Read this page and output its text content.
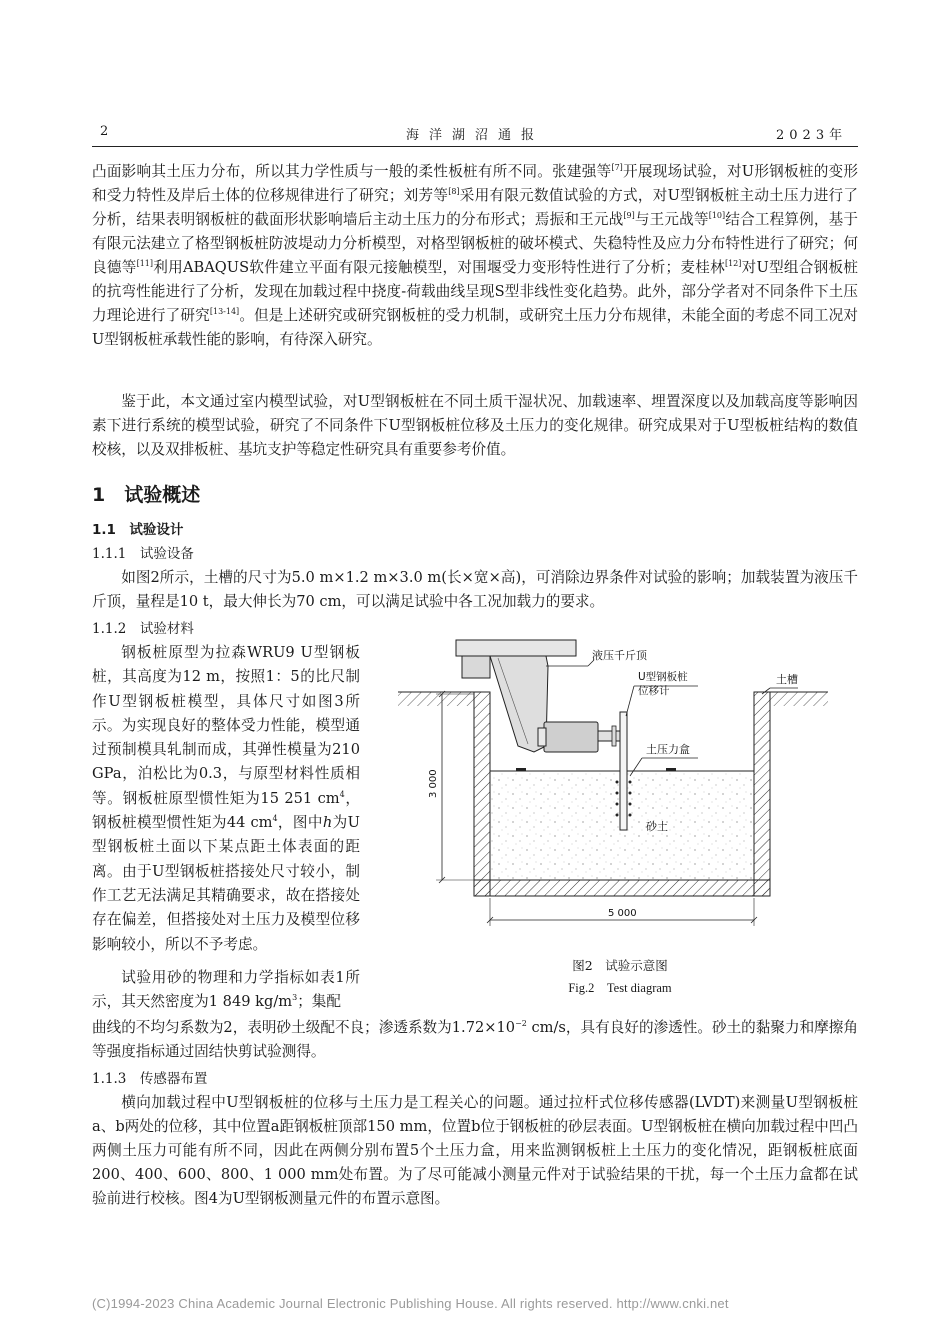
2	海洋湖沼通报	2023年
凸面影响其土压力分布，所以其力学性质与一般的柔性板桩有所不同。张建强等[7]开展现场试验，对U形钢板桩的变形和受力特性及岸后土体的位移规律进行了研究；刘芳等[8]采用有限元数值试验的方式，对U型钢板桩主动土压力进行了分析，结果表明钢板桩的截面形状影响墙后主动土压力的分布形式；焉振和王元战[9]与王元战等[10]结合工程算例，基于有限元法建立了格型钢板桩防波堤动力分析模型，对格型钢板桩的破坏模式、失稳特性及应力分布特性进行了研究；何良德等[11]利用ABAQUS软件建立平面有限元接触模型，对围堰受力变形特性进行了分析；麦桂林[12]对U型组合钢板桩的抗弯性能进行了分析，发现在加载过程中挠度-荷载曲线呈现S型非线性变化趋势。此外，部分学者对不同条件下土压力理论进行了研究[13-14]。但是上述研究或研究钢板桩的受力机制，或研究土压力分布规律，未能全面的考虑不同工况对U型钢板桩承载性能的影响，有待深入研究。
鉴于此，本文通过室内模型试验，对U型钢板桩在不同土质干湿状况、加载速率、埋置深度以及加载高度等影响因素下进行系统的模型试验，研究了不同条件下U型钢板桩位移及土压力的变化规律。研究成果对于U型板桩结构的数值校核，以及双排板桩、基坑支护等稳定性研究具有重要参考价值。
1　试验概述
1.1　试验设计
1.1.1　试验设备
如图2所示，土槽的尺寸为5.0 m×1.2 m×3.0 m(长×宽×高)，可消除边界条件对试验的影响；加载装置为液压千斤顶，量程是10 t，最大伸长为70 cm，可以满足试验中各工况加载力的要求。
1.1.2　试验材料
钢板桩原型为拉森WRU9 U型钢板桩，其高度为12 m，按照1：5的比尺制作U型钢板桩模型，具体尺寸如图3所示。为实现良好的整体受力性能，模型通过预制模具轧制而成，其弹性模量为210 GPa，泊松比为0.3，与原型材料性质相等。钢板桩原型惯性矩为15 251 $cm^4$，钢板桩模型惯性矩为44 $cm^4$，图中h为U型钢板桩土面以下某点距土体表面的距离。由于U型钢板桩搭接处尺寸较小，制作工艺无法满足其精确要求，故在搭接处存在偏差，但搭接处对土压力及模型位移影响较小，所以不予考虑。
试验用砂的物理和力学指标如表1所示，其天然密度为1 849 $kg/m^3$；集配
曲线的不均匀系数为2，表明砂土级配不良；渗透系数为$1.72\times 10^{-2}$ cm/s，具有良好的渗透性。砂土的黏聚力和摩擦角等强度指标通过固结快剪试验测得。
1.1.3　传感器布置
横向加载过程中U型钢板桩的位移与土压力是工程关心的问题。通过拉杆式位移传感器(LVDT)来测量U型钢板桩a、b两处的位移，其中位置a距钢板桩顶部150 mm，位置b位于钢板桩的砂层表面。U型钢板桩在横向加载过程中凹凸两侧土压力可能有所不同，因此在两侧分别布置5个土压力盒，用来监测钢板桩上土压力的变化情况，距钢板桩底面200、400、600、800、1 000 mm处布置。为了尽可能减小测量元件对于试验结果的干扰，每一个土压力盒都在试验前进行校核。图4为U型钢板测量元件的布置示意图。
液压千斤顶
U型钢板桩
位移计
土槽
土压力盒
砂土
3 000
5 000
图2　试验示意图
Fig.2　Test diagram
(C)1994-2023 China Academic Journal Electronic Publishing House. All rights reserved. http://www.cnki.net
